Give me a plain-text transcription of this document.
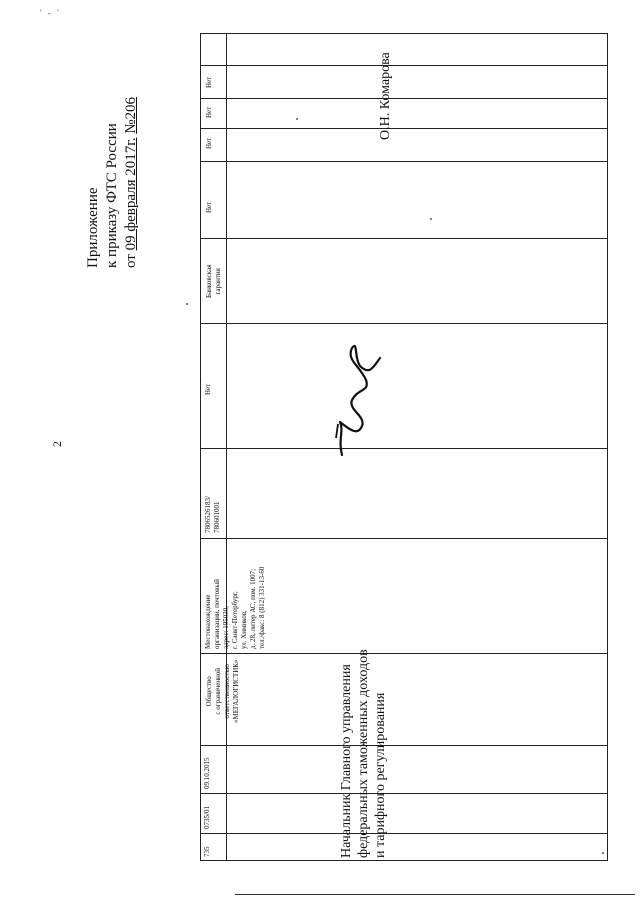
' - '
Приложение к приказу ФТС России от 09 февраля 2017г. №206
2
735
0735/01
09.10.2015
Общество с ограниченной ответственностью «МЕГАЛОГИСТИК»
Местонахождение организации, почтовый адрес: 195030, г. Санкт-Петербург, ул. Химиков, д. 28, литер АС, пом. 1007; тел./факс: 8 (812) 331-13-60
7806526183/ 780601001
Нет
Банковская гарантия
Нет
Нет
Нет
Нет
Начальник Главного управления федеральных таможенных доходов и тарифного регулирования
О.Н. Комарова
